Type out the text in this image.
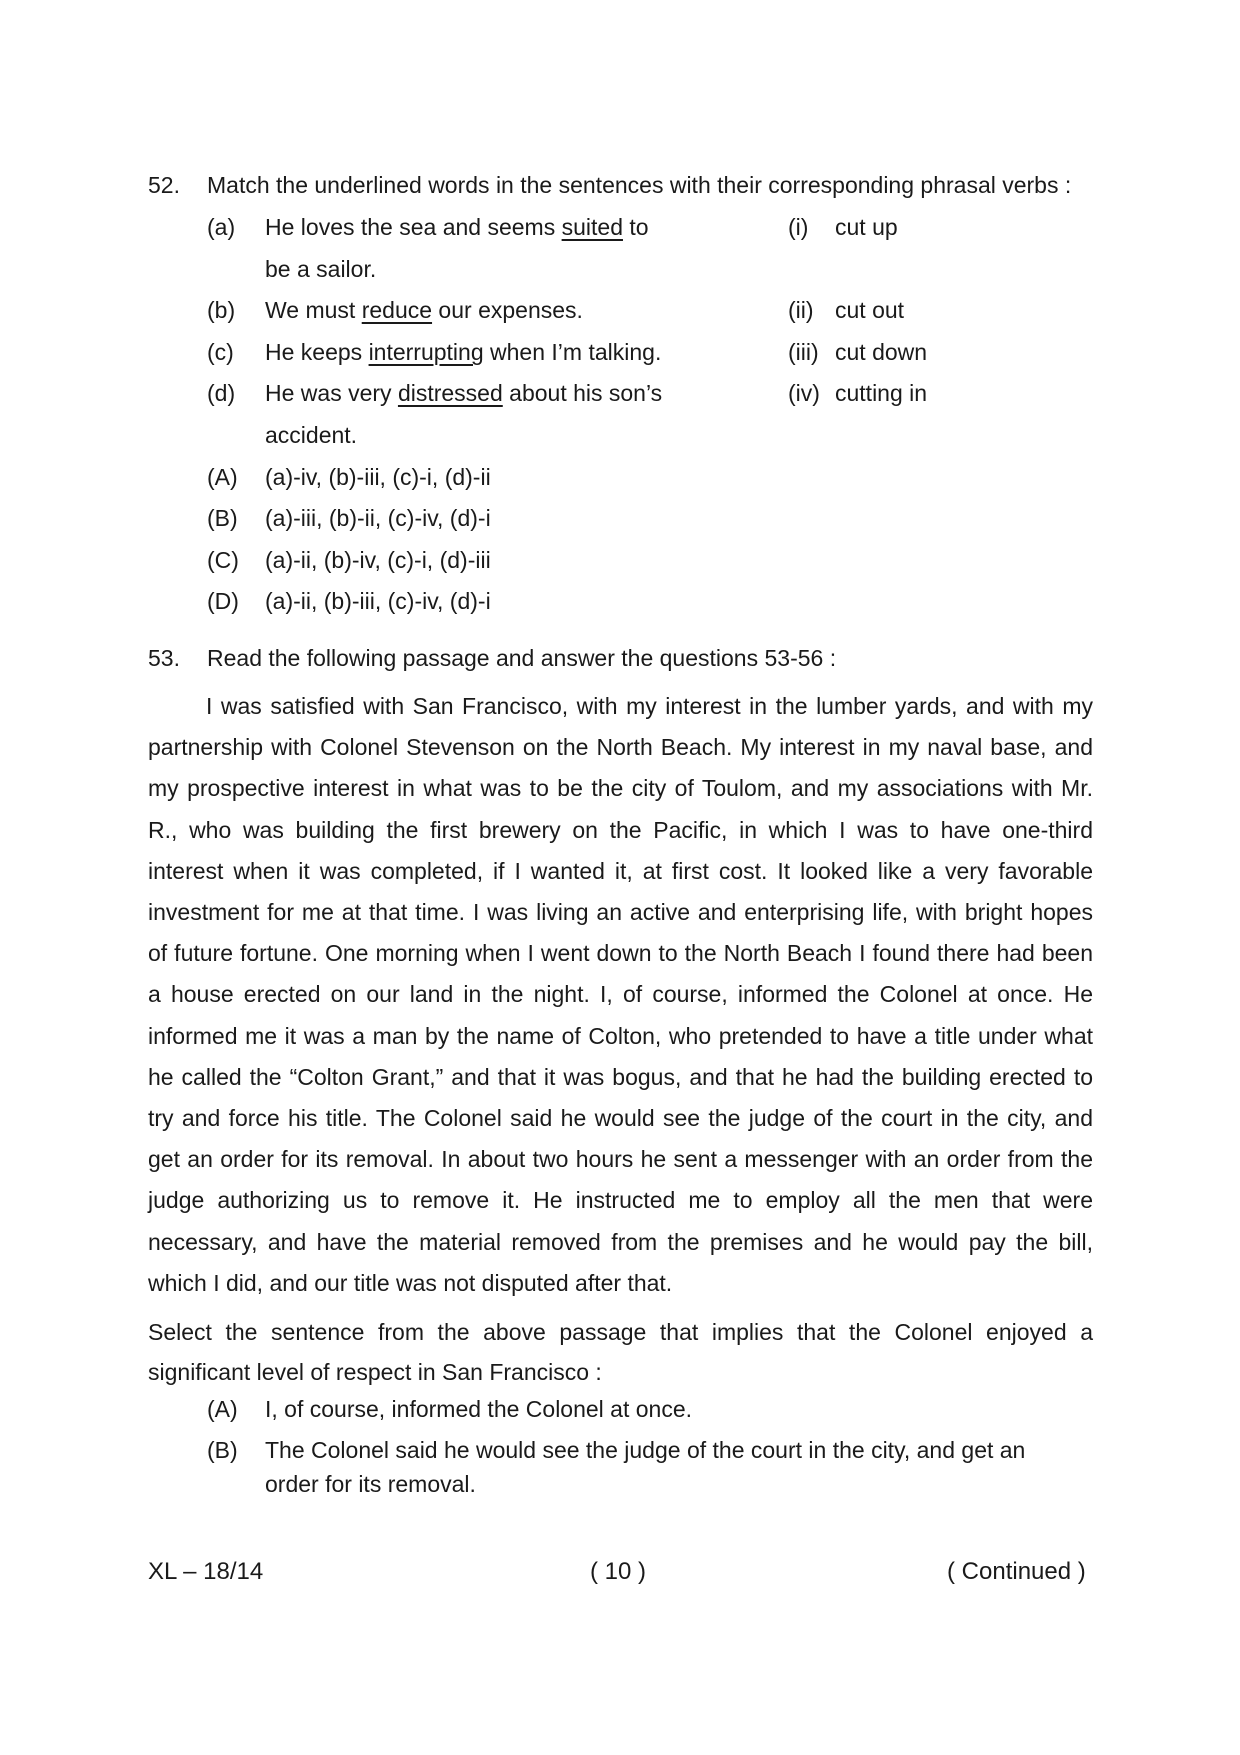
52. Match the underlined words in the sentences with their corresponding phrasal verbs :
(a) He loves the sea and seems suited to
be a sailor.
(b) We must reduce our expenses.
(c) He keeps interrupting when I’m talking.
(d) He was very distressed about his son’s
accident.
(i) cut up
(ii) cut out
(iii) cut down
(iv) cutting in
(A) (a)-iv, (b)-iii, (c)-i, (d)-ii
(B) (a)-iii, (b)-ii, (c)-iv, (d)-i
(C) (a)-ii, (b)-iv, (c)-i, (d)-iii
(D) (a)-ii, (b)-iii, (c)-iv, (d)-i
53. Read the following passage and answer the questions 53-56 :
I was satisfied with San Francisco, with my interest in the lumber yards, and with my
partnership with Colonel Stevenson on the North Beach. My interest in my naval base, and
my prospective interest in what was to be the city of Toulom, and my associations with Mr.
R., who was building the first brewery on the Pacific, in which I was to have one-third
interest when it was completed, if I wanted it, at first cost. It looked like a very favorable
investment for me at that time. I was living an active and enterprising life, with bright hopes
of future fortune. One morning when I went down to the North Beach I found there had been
a house erected on our land in the night. I, of course, informed the Colonel at once. He
informed me it was a man by the name of Colton, who pretended to have a title under what
he called the “Colton Grant,” and that it was bogus, and that he had the building erected to
try and force his title. The Colonel said he would see the judge of the court in the city, and
get an order for its removal. In about two hours he sent a messenger with an order from the
judge authorizing us to remove it. He instructed me to employ all the men that were
necessary, and have the material removed from the premises and he would pay the bill,
which I did, and our title was not disputed after that.
Select the sentence from the above passage that implies that the Colonel enjoyed a
significant level of respect in San Francisco :
(A) I, of course, informed the Colonel at once.
(B) The Colonel said he would see the judge of the court in the city, and get an
order for its removal.
XL – 18/14	( 10 )	( Continued )
